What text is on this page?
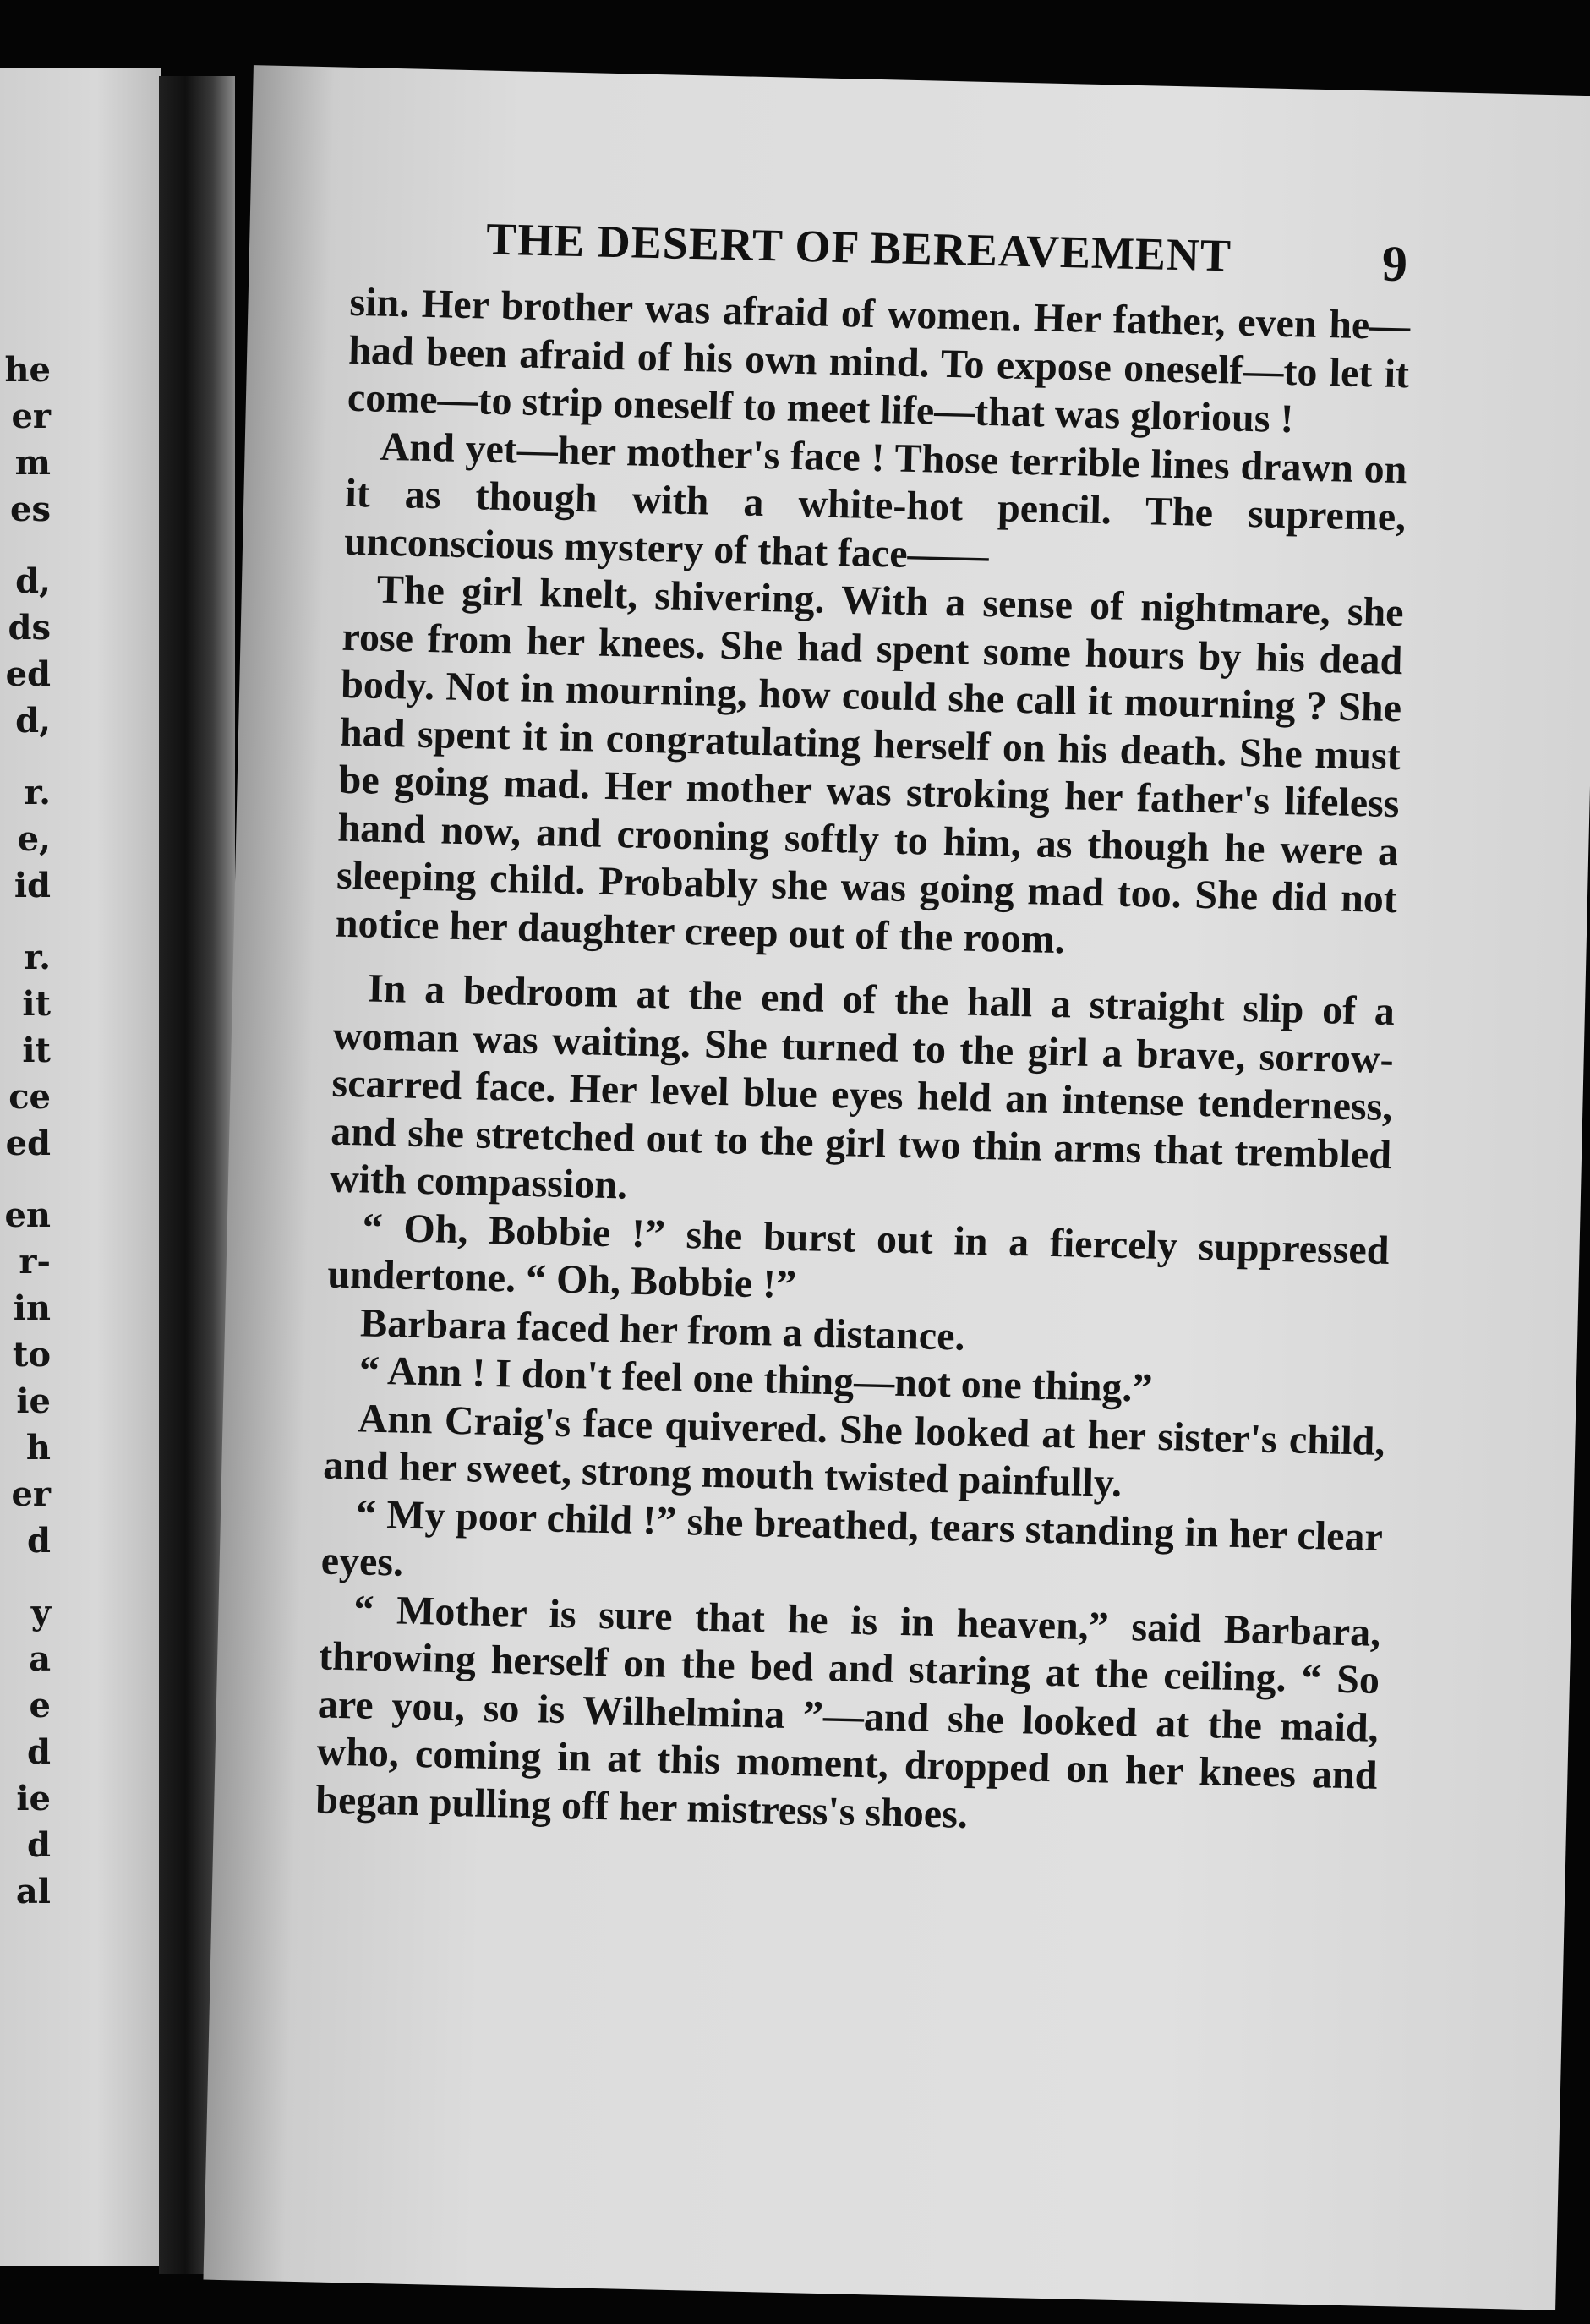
he
er
m
es
d,
ds
ed
d,
r.
e,
id
r.
it
it
ce
ed
en
r-
in
to
ie
h
er
d
y
a
e
d
ie
d
al
THE DESERT OF BEREAVEMENT	9

sin. Her brother was afraid of women. Her father, even he—had been afraid of his own mind. To expose oneself—to let it come—to strip oneself to meet life—that was glorious !

And yet—her mother's face ! Those terrible lines drawn on it as though with a white-hot pencil. The supreme, unconscious mystery of that face——

The girl knelt, shivering. With a sense of nightmare, she rose from her knees. She had spent some hours by his dead body. Not in mourning, how could she call it mourning ? She had spent it in congratulating herself on his death. She must be going mad. Her mother was stroking her father's lifeless hand now, and crooning softly to him, as though he were a sleeping child. Probably she was going mad too. She did not notice her daughter creep out of the room.

In a bedroom at the end of the hall a straight slip of a woman was waiting. She turned to the girl a brave, sorrow-scarred face. Her level blue eyes held an intense tenderness, and she stretched out to the girl two thin arms that trembled with compassion.

“ Oh, Bobbie !” she burst out in a fiercely suppressed undertone. “ Oh, Bobbie !”

Barbara faced her from a distance.

“ Ann ! I don't feel one thing—not one thing.”

Ann Craig's face quivered. She looked at her sister's child, and her sweet, strong mouth twisted painfully.

“ My poor child !” she breathed, tears standing in her clear eyes.

“ Mother is sure that he is in heaven,” said Barbara, throwing herself on the bed and staring at the ceiling. “ So are you, so is Wilhelmina ”—and she looked at the maid, who, coming in at this moment, dropped on her knees and began pulling off her mistress's shoes.
